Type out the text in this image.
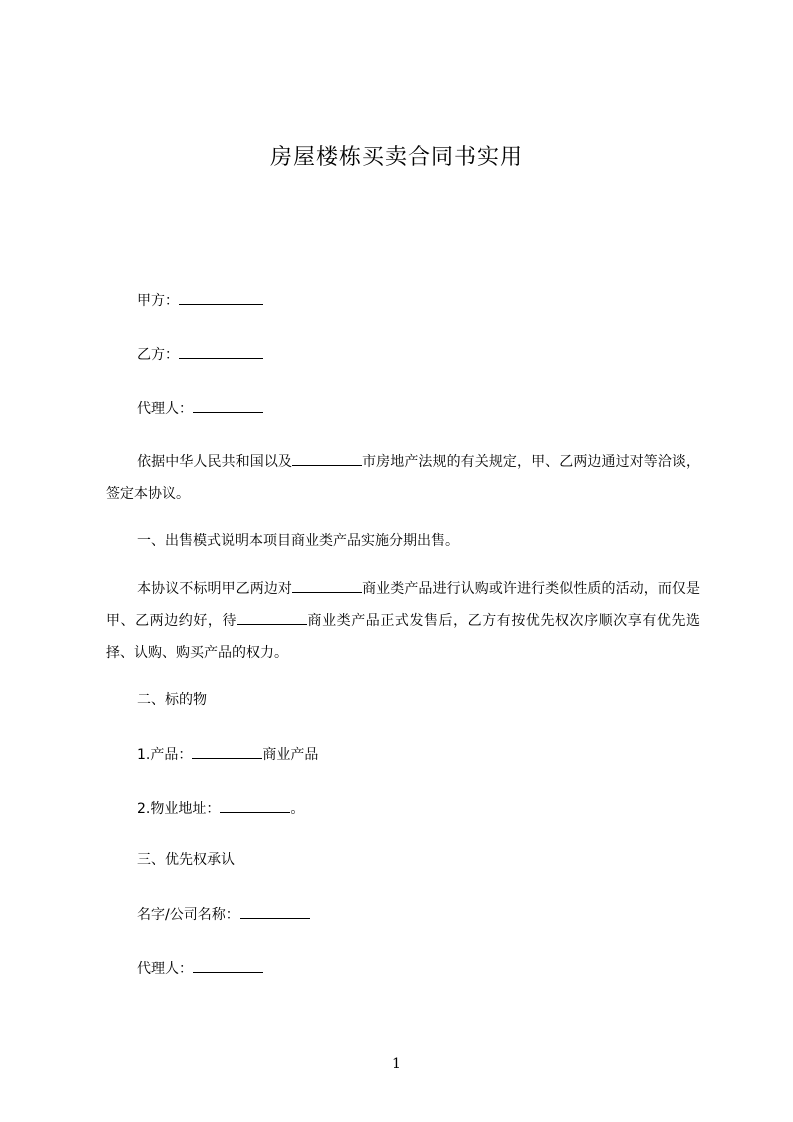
房屋楼栋买卖合同书实用
甲方：
乙方：
代理人：
依据中华人民共和国以及	市房地产法规的有关规定，甲、乙两边通过对等洽谈，签定本协议。
一、出售模式说明本项目商业类产品实施分期出售。
本协议不标明甲乙两边对	商业类产品进行认购或许进行类似性质的活动，而仅是甲、乙两边约好，待	商业类产品正式发售后，乙方有按优先权次序顺次享有优先选择、认购、购买产品的权力。
二、标的物
1.产品：	商业产品
2.物业地址：	。
三、优先权承认
名字/公司名称：
代理人：
1
